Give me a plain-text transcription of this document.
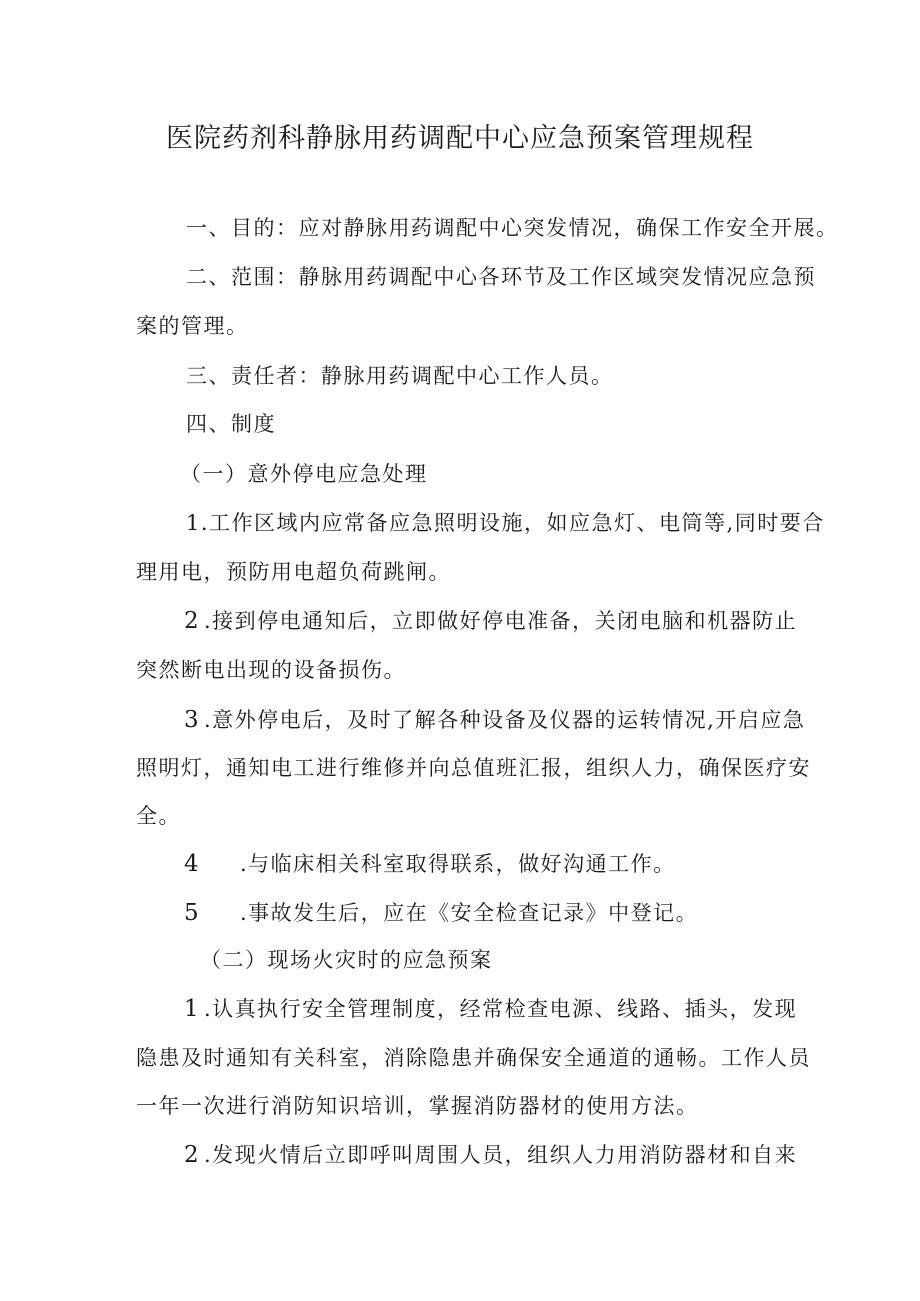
医院药剂科静脉用药调配中心应急预案管理规程
一、目的：应对静脉用药调配中心突发情况，确保工作安全开展。
二、范围：静脉用药调配中心各环节及工作区域突发情况应急预
案的管理。
三、责任者：静脉用药调配中心工作人员。
四、制度
（一）意外停电应急处理
1.工作区域内应常备应急照明设施，如应急灯、电筒等,同时要合
理用电，预防用电超负荷跳闸。
2 .接到停电通知后，立即做好停电准备，关闭电脑和机器防止
突然断电出现的设备损伤。
3 .意外停电后，及时了解各种设备及仪器的运转情况,开启应急
照明灯，通知电工进行维修并向总值班汇报，组织人力，确保医疗安
全。
4 .与临床相关科室取得联系，做好沟通工作。
5 .事故发生后，应在《安全检查记录》中登记。
（二）现场火灾时的应急预案
1 .认真执行安全管理制度，经常检查电源、线路、插头，发现
隐患及时通知有关科室，消除隐患并确保安全通道的通畅。工作人员
一年一次进行消防知识培训，掌握消防器材的使用方法。
2 .发现火情后立即呼叫周围人员，组织人力用消防器材和自来
